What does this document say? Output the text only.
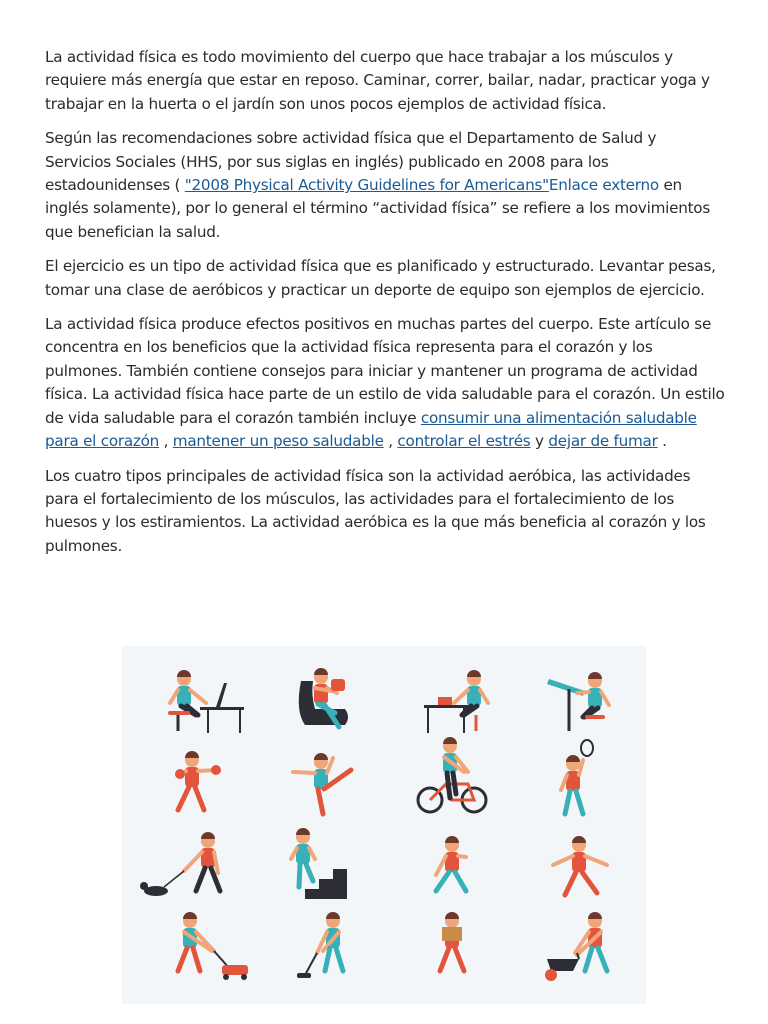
La actividad física es todo movimiento del cuerpo que hace trabajar a los músculos y requiere más energía que estar en reposo. Caminar, correr, bailar, nadar, practicar yoga y trabajar en la huerta o el jardín son unos pocos ejemplos de actividad física.

Según las recomendaciones sobre actividad física que el Departamento de Salud y Servicios Sociales (HHS, por sus siglas en inglés) publicado en 2008 para los estadounidenses ( "2008 Physical Activity Guidelines for Americans"Enlace externo en inglés solamente), por lo general el término “actividad física” se refiere a los movimientos que benefician la salud.

El ejercicio es un tipo de actividad física que es planificado y estructurado. Levantar pesas, tomar una clase de aeróbicos y practicar un deporte de equipo son ejemplos de ejercicio.

La actividad física produce efectos positivos en muchas partes del cuerpo. Este artículo se concentra en los beneficios que la actividad física representa para el corazón y los pulmones. También contiene consejos para iniciar y mantener un programa de actividad física. La actividad física hace parte de un estilo de vida saludable para el corazón. Un estilo de vida saludable para el corazón también incluye consumir una alimentación saludable para el corazón , mantener un peso saludable , controlar el estrés y dejar de fumar .

Los cuatro tipos principales de actividad física son la actividad aeróbica, las actividades para el fortalecimiento de los músculos, las actividades para el fortalecimiento de los huesos y los estiramientos. La actividad aeróbica es la que más beneficia al corazón y los pulmones.
